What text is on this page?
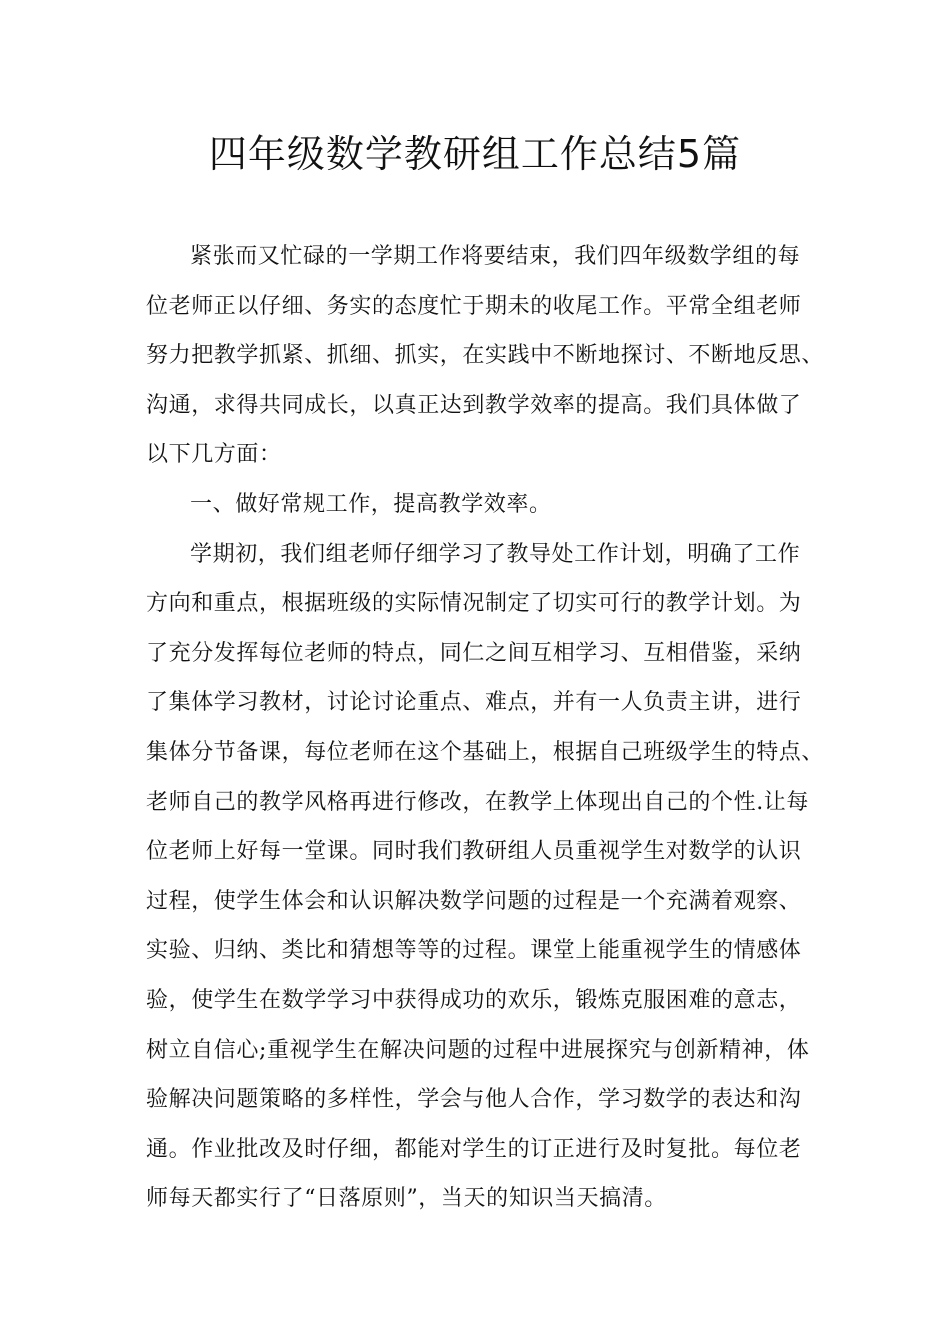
四年级数学教研组工作总结5篇

紧张而又忙碌的一学期工作将要结束，我们四年级数学组的每
位老师正以仔细、务实的态度忙于期未的收尾工作。平常全组老师
努力把教学抓紧、抓细、抓实，在实践中不断地探讨、不断地反思、
沟通，求得共同成长，以真正达到教学效率的提高。我们具体做了
以下几方面：

一、做好常规工作，提高教学效率。

学期初，我们组老师仔细学习了教导处工作计划，明确了工作
方向和重点，根据班级的实际情况制定了切实可行的教学计划。为
了充分发挥每位老师的特点，同仁之间互相学习、互相借鉴，采纳
了集体学习教材，讨论讨论重点、难点，并有一人负责主讲，进行
集体分节备课，每位老师在这个基础上，根据自己班级学生的特点、
老师自己的教学风格再进行修改，在教学上体现出自己的个性.让每
位老师上好每一堂课。同时我们教研组人员重视学生对数学的认识
过程，使学生体会和认识解决数学问题的过程是一个充满着观察、
实验、归纳、类比和猜想等等的过程。课堂上能重视学生的情感体
验，使学生在数学学习中获得成功的欢乐，锻炼克服困难的意志，
树立自信心;重视学生在解决问题的过程中进展探究与创新精神，体
验解决问题策略的多样性，学会与他人合作，学习数学的表达和沟
通。作业批改及时仔细，都能对学生的订正进行及时复批。每位老
师每天都实行了“日落原则”，当天的知识当天搞清。
